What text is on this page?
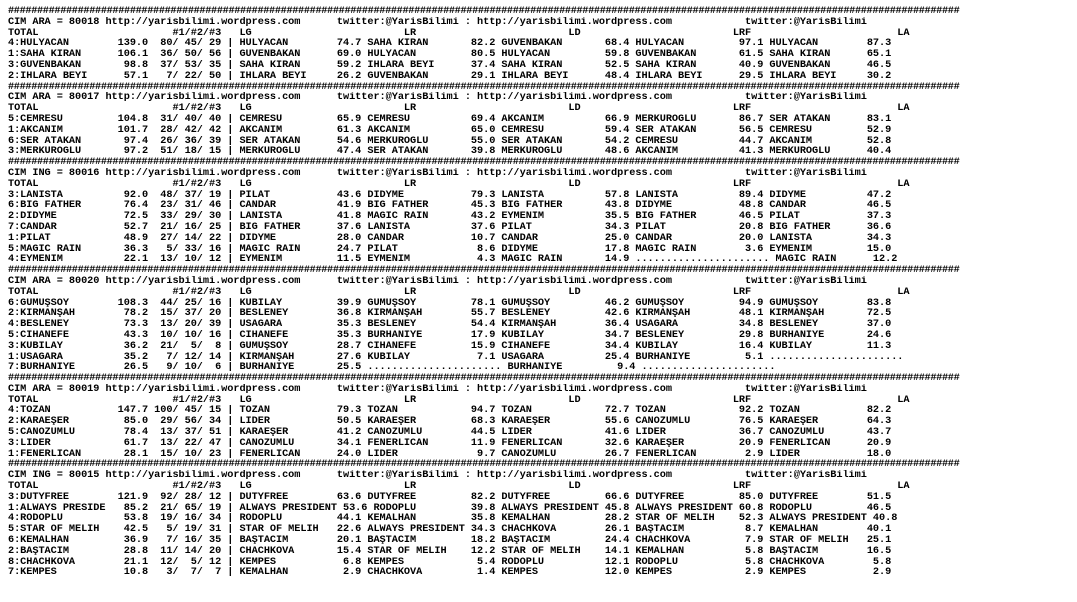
####################################################################################################################################################################
CIM ARA = 80018 http://yarisbilimi.wordpress.com      twitter:@YarisBilimi : http://yarisbilimi.wordpress.com            twitter:@YarisBilimi
TOTAL                      #1/#2/#3   LG                         LR                         LD                         LRF                        LA
4:HÜLYACAN        139.0  80/ 45/ 29 | HÜLYACAN        74.7 SAHA KIRAN       82.2 GÜVENBAKAN       68.4 HÜLYACAN         97.1 HÜLYACAN        87.3
1:SAHA KIRAN      106.1  36/ 50/ 56 | GÜVENBAKAN      69.0 HÜLYACAN         80.5 HÜLYACAN         59.8 GÜVENBAKAN       61.5 SAHA KIRAN      65.1
3:GÜVENBAKAN       98.8  37/ 53/ 35 | SAHA KIRAN      59.2 IHLARA BEYİ      37.4 SAHA KIRAN       52.5 SAHA KIRAN       40.9 GÜVENBAKAN      46.5
2:IHLARA BEYİ      57.1   7/ 22/ 50 | IHLARA BEYİ     26.2 GÜVENBAKAN       29.1 IHLARA BEYİ      48.4 IHLARA BEYİ      29.5 IHLARA BEYİ     30.2
####################################################################################################################################################################
CIM ARA = 80017 http://yarisbilimi.wordpress.com      twitter:@YarisBilimi : http://yarisbilimi.wordpress.com            twitter:@YarisBilimi
TOTAL                      #1/#2/#3   LG                         LR                         LD                         LRF                        LA
5:CEMRESU         104.8  31/ 40/ 40 | CEMRESU         65.9 CEMRESU          69.4 AKCANIM          66.9 MERKÜROĞLU       86.7 SER ATAKAN      83.1
1:AKCANIM         101.7  28/ 42/ 42 | AKCANIM         61.3 AKCANIM          65.0 CEMRESU          59.4 SER ATAKAN       56.5 CEMRESU         52.9
6:SER ATAKAN       97.4  26/ 36/ 39 | SER ATAKAN      54.6 MERKÜROĞLU       55.0 SER ATAKAN       54.2 CEMRESU          44.7 AKCANIM         52.8
3:MERKÜROĞLU       97.2  51/ 18/ 15 | MERKÜROĞLU      47.4 SER ATAKAN       39.8 MERKÜROĞLU       48.6 AKCANIM          41.3 MERKÜROĞLU      40.4
####################################################################################################################################################################
CIM ING = 80016 http://yarisbilimi.wordpress.com      twitter:@YarisBilimi : http://yarisbilimi.wordpress.com            twitter:@YarisBilimi
TOTAL                      #1/#2/#3   LG                         LR                         LD                         LRF                        LA
3:LANISTA          92.0  48/ 37/ 19 | PILAT           43.6 DIDYME           79.3 LANISTA          57.8 LANISTA          89.4 DIDYME          47.2
6:BIG FATHER       76.4  23/ 31/ 46 | CANDAR          41.9 BIG FATHER       45.3 BIG FATHER       43.8 DIDYME           48.8 CANDAR          46.5
2:DIDYME           72.5  33/ 29/ 30 | LANISTA         41.8 MAGIC RAIN       43.2 EYMENİM          35.5 BIG FATHER       46.5 PILAT           37.3
7:CANDAR           52.7  21/ 16/ 25 | BIG FATHER      37.6 LANISTA          37.6 PILAT            34.3 PILAT            20.8 BIG FATHER      36.6
1:PILAT            48.9  27/ 14/ 22 | DIDYME          28.0 CANDAR           10.7 CANDAR           25.0 CANDAR           20.0 LANISTA         34.3
5:MAGIC RAIN       36.3   5/ 33/ 16 | MAGIC RAIN      24.7 PILAT             8.6 DIDYME           17.8 MAGIC RAIN        3.6 EYMENİM         15.0
4:EYMENİM          22.1  13/ 10/ 12 | EYMENİM         11.5 EYMENİM           4.3 MAGIC RAIN       14.9 ...................... MAGIC RAIN      12.2
####################################################################################################################################################################
CIM ARA = 80020 http://yarisbilimi.wordpress.com      twitter:@YarisBilimi : http://yarisbilimi.wordpress.com            twitter:@YarisBilimi
TOTAL                      #1/#2/#3   LG                         LR                         LD                         LRF                        LA
6:GÜMÜŞSOY        108.3  44/ 25/ 16 | KUBİLAY         39.9 GÜMÜŞSOY         78.1 GÜMÜŞSOY         46.2 GÜMÜŞSOY         94.9 GÜMÜŞSOY        83.8
2:KIRMANŞAH        78.2  15/ 37/ 20 | BESLENEY        36.8 KIRMANŞAH        55.7 BESLENEY         42.6 KIRMANŞAH        48.1 KIRMANŞAH       72.5
4:BESLENEY         73.3  13/ 20/ 39 | USAGARA         35.3 BESLENEY         54.4 KIRMANŞAH        36.4 USAGARA          34.8 BESLENEY        37.0
5:CİHANEFE         43.3  10/ 10/ 16 | CİHANEFE        35.3 BURHANİYE        17.9 KUBİLAY          34.7 BESLENEY         29.8 BURHANİYE       24.6
3:KUBİLAY          36.2  21/  5/  8 | GÜMÜŞSOY        28.7 CİHANEFE         15.9 CİHANEFE         34.4 KUBİLAY          16.4 KUBİLAY         11.3
1:USAGARA          35.2   7/ 12/ 14 | KIRMANŞAH       27.6 KUBİLAY           7.1 USAGARA          25.4 BURHANİYE         5.1 ......................
7:BURHANİYE        26.5   9/ 10/  6 | BURHANİYE       25.5 ...................... BURHANİYE         9.4 ......................
####################################################################################################################################################################
CIM ARA = 80019 http://yarisbilimi.wordpress.com      twitter:@YarisBilimi : http://yarisbilimi.wordpress.com            twitter:@YarisBilimi
TOTAL                      #1/#2/#3   LG                         LR                         LD                         LRF                        LA
4:TOZAN           147.7 100/ 45/ 15 | TOZAN           79.3 TOZAN            94.7 TOZAN            72.7 TOZAN            92.2 TOZAN           82.2
2:KARAEŞER         85.0  29/ 56/ 34 | LİDER           50.5 KARAEŞER         68.3 KARAEŞER         55.6 CANÖZÜMLÜ        76.5 KARAEŞER        64.3
5:CANÖZÜMLÜ        78.4  13/ 37/ 51 | KARAEŞER        41.2 CANÖZÜMLÜ        44.5 LİDER            41.6 LİDER            36.7 CANÖZÜMLÜ       43.7
3:LİDER            61.7  13/ 22/ 47 | CANÖZÜMLÜ       34.1 FENERLİCAN       11.9 FENERLİCAN       32.6 KARAEŞER         20.9 FENERLİCAN      20.9
1:FENERLİCAN       28.1  15/ 10/ 23 | FENERLİCAN      24.0 LİDER             9.7 CANÖZÜMLÜ        26.7 FENERLİCAN        2.9 LİDER           18.0
####################################################################################################################################################################
CIM ING = 80015 http://yarisbilimi.wordpress.com      twitter:@YarisBilimi : http://yarisbilimi.wordpress.com            twitter:@YarisBilimi
TOTAL                      #1/#2/#3   LG                         LR                         LD                         LRF                        LA
3:DUTYFREE        121.9  92/ 28/ 12 | DUTYFREE        63.6 DUTYFREE         82.2 DUTYFREE         66.6 DUTYFREE         85.0 DUTYFREE        51.5
1:ALWAYS PRESIDE   85.2  21/ 65/ 19 | ALWAYS PRESIDENT 53.6 RODOPLU         39.8 ALWAYS PRESIDENT 45.8 ALWAYS PRESIDENT 60.8 RODOPLU         46.5
4:RODOPLU          53.8  19/ 16/ 34 | RODOPLU         44.1 KEMALHAN         35.8 KEMALHAN         28.2 STAR OF MELİH    52.3 ALWAYS PRESIDENT 40.8
5:STAR OF MELİH    42.5   5/ 19/ 31 | STAR OF MELİH   22.6 ALWAYS PRESIDENT 34.3 CHACHKOVA        26.1 BAŞTACIM          8.7 KEMALHAN        40.1
6:KEMALHAN         36.9   7/ 16/ 35 | BAŞTACIM        20.1 BAŞTACIM         18.2 BAŞTACIM         24.4 CHACHKOVA         7.9 STAR OF MELİH   25.1
2:BAŞTACIM         28.8  11/ 14/ 20 | CHACHKOVA       15.4 STAR OF MELİH    12.2 STAR OF MELİH    14.1 KEMALHAN          5.8 BAŞTACIM        16.5
8:CHACHKOVA        21.1  12/  5/ 12 | KEMPES           6.8 KEMPES            5.4 RODOPLU          12.1 RODOPLU           5.8 CHACHKOVA        5.8
7:KEMPES           10.8   3/  7/  7 | KEMALHAN         2.9 CHACHKOVA         1.4 KEMPES           12.0 KEMPES            2.9 KEMPES           2.9
